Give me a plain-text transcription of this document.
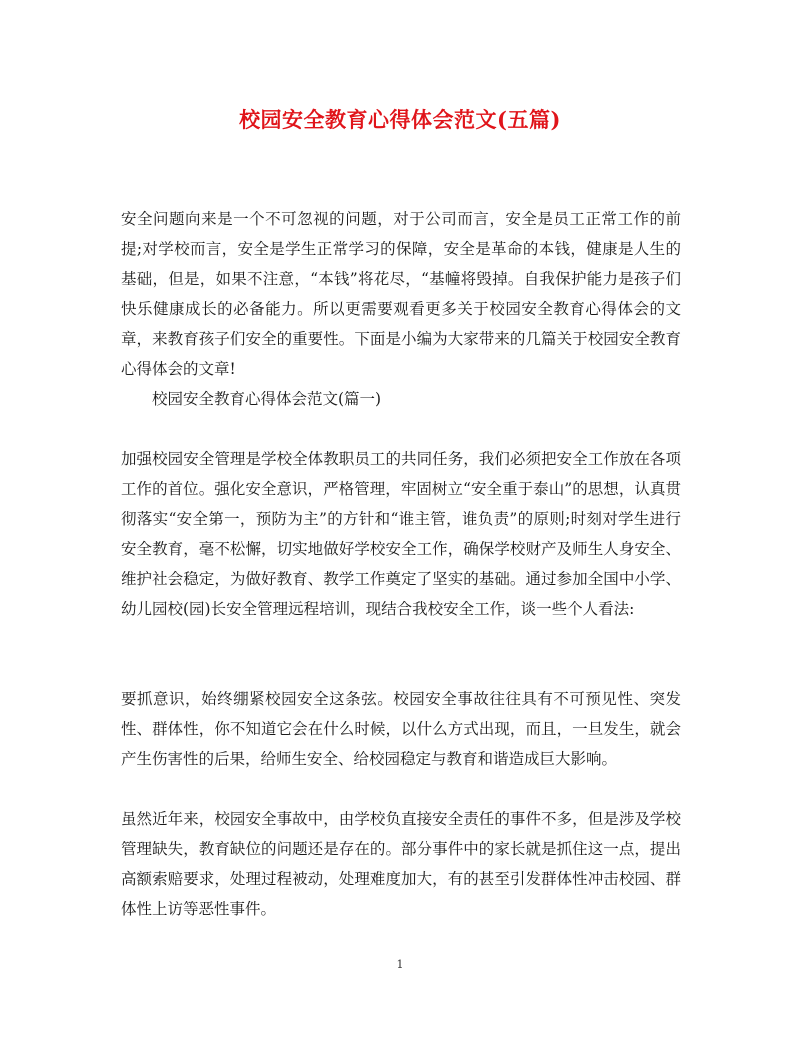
校园安全教育心得体会范文(五篇)

安全问题向来是一个不可忽视的问题，对于公司而言，安全是员工正常工作的前提;对学校而言，安全是学生正常学习的保障，安全是革命的本钱，健康是人生的基础，但是，如果不注意，“本钱”将花尽，“基幢将毁掉。自我保护能力是孩子们快乐健康成长的必备能力。所以更需要观看更多关于校园安全教育心得体会的文章，来教育孩子们安全的重要性。下面是小编为大家带来的几篇关于校园安全教育心得体会的文章!

校园安全教育心得体会范文(篇一)

加强校园安全管理是学校全体教职员工的共同任务，我们必须把安全工作放在各项工作的首位。强化安全意识，严格管理，牢固树立“安全重于泰山”的思想，认真贯彻落实“安全第一，预防为主”的方针和“谁主管，谁负责”的原则;时刻对学生进行安全教育，毫不松懈，切实地做好学校安全工作，确保学校财产及师生人身安全、维护社会稳定，为做好教育、教学工作奠定了坚实的基础。通过参加全国中小学、幼儿园校(园)长安全管理远程培训，现结合我校安全工作，谈一些个人看法:

要抓意识，始终绷紧校园安全这条弦。校园安全事故往往具有不可预见性、突发性、群体性，你不知道它会在什么时候，以什么方式出现，而且，一旦发生，就会产生伤害性的后果，给师生安全、给校园稳定与教育和谐造成巨大影响。

虽然近年来，校园安全事故中，由学校负直接安全责任的事件不多，但是涉及学校管理缺失，教育缺位的问题还是存在的。部分事件中的家长就是抓住这一点，提出高额索赔要求，处理过程被动，处理难度加大，有的甚至引发群体性冲击校园、群体性上访等恶性事件。

1
